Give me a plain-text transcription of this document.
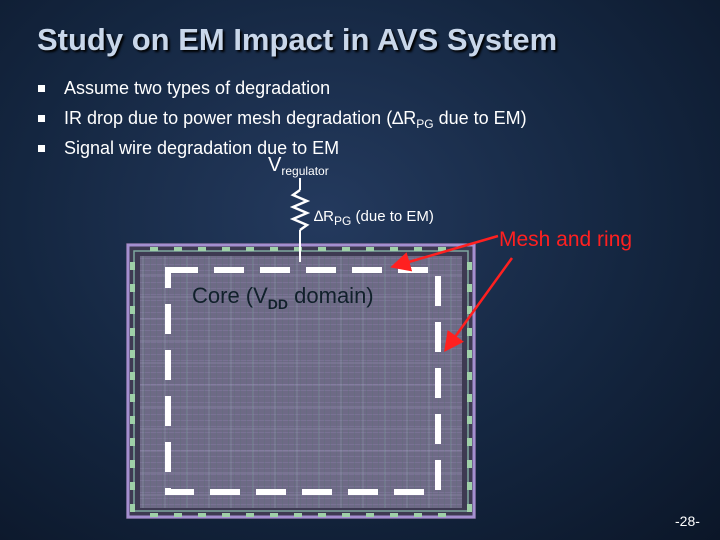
Study on EM Impact in AVS System
Assume two types of degradation
IR drop due to power mesh degradation ($\Delta R_{PG}$ due to EM)
Signal wire degradation due to EM
$V_{regulator}$
$\Delta R_{PG}$ (due to EM)
Mesh and ring
Core ($V_{DD}$ domain)
-28-
